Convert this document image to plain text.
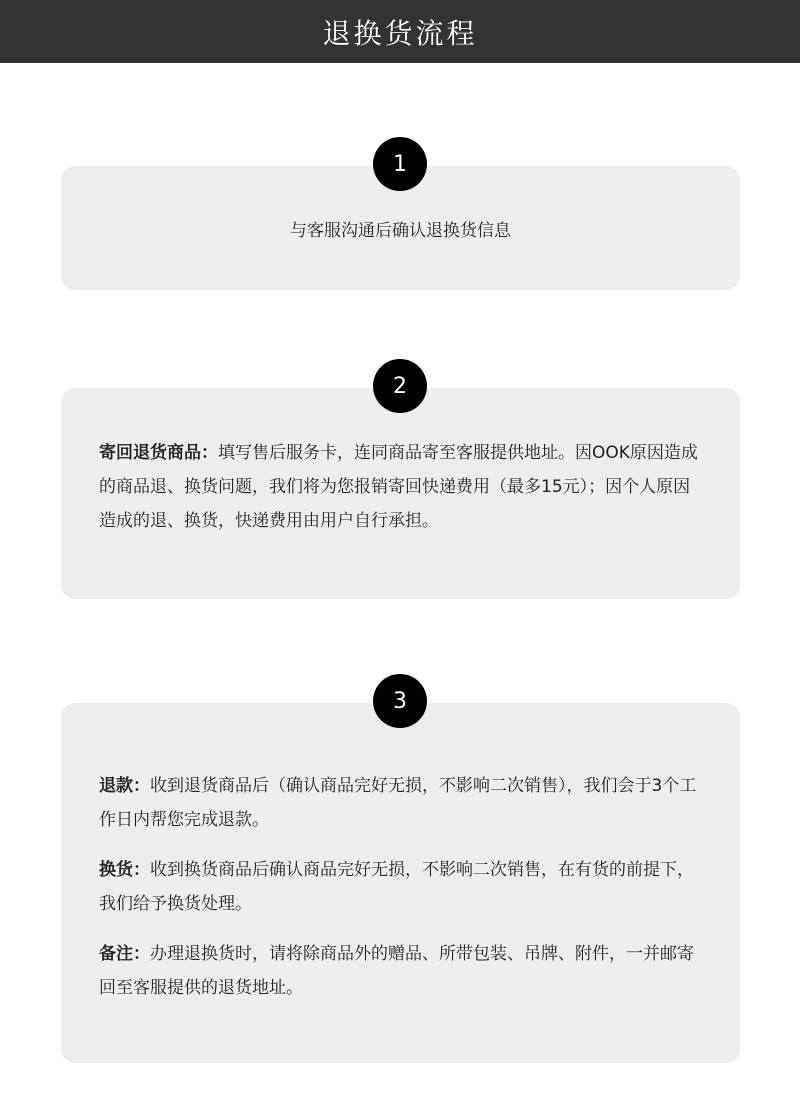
退换货流程
与客服沟通后确认退换货信息
1

寄回退货商品：填写售后服务卡，连同商品寄至客服提供地址。因OOK原因造成的商品退、换货问题，我们将为您报销寄回快递费用（最多15元）；因个人原因造成的退、换货，快递费用由用户自行承担。

2

退款：收到退货商品后（确认商品完好无损，不影响二次销售），我们会于3个工作日内帮您完成退款。

换货：收到换货商品后确认商品完好无损，不影响二次销售，在有货的前提下，我们给予换货处理。

备注：办理退换货时，请将除商品外的赠品、所带包装、吊牌、附件，一并邮寄回至客服提供的退货地址。

3
